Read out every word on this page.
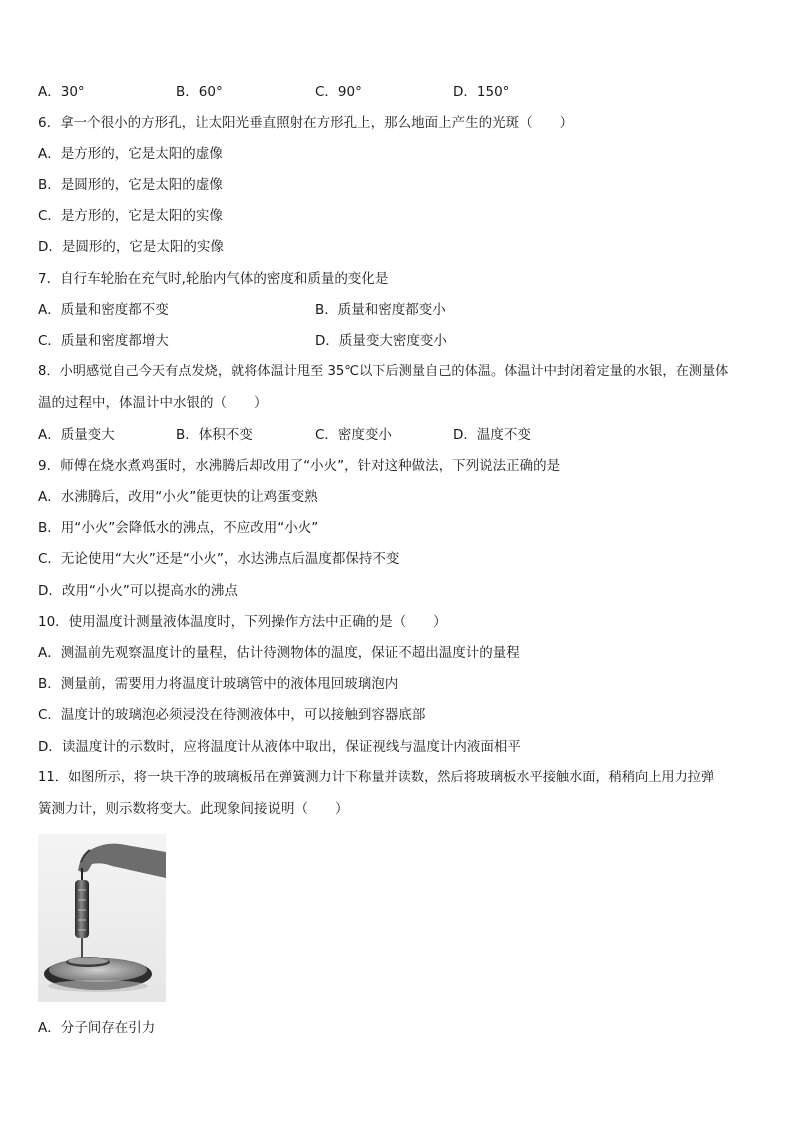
A．30°	B．60°	C．90°	D．150°
6．拿一个很小的方形孔，让太阳光垂直照射在方形孔上，那么地面上产生的光斑（　　）
A．是方形的，它是太阳的虚像
B．是圆形的，它是太阳的虚像
C．是方形的，它是太阳的实像
D．是圆形的，它是太阳的实像
7．自行车轮胎在充气时,轮胎内气体的密度和质量的变化是
A．质量和密度都不变	B．质量和密度都变小
C．质量和密度都增大	D．质量变大密度变小
8．小明感觉自己今天有点发烧，就将体温计甩至 35℃以下后测量自己的体温。体温计中封闭着定量的水银，在测量体
温的过程中，体温计中水银的（　　）
A．质量变大	B．体积不变	C．密度变小	D．温度不变
9．师傅在烧水煮鸡蛋时，水沸腾后却改用了“小火”，针对这种做法，下列说法正确的是
A．水沸腾后，改用“小火”能更快的让鸡蛋变熟
B．用“小火”会降低水的沸点，不应改用“小火”
C．无论使用“大火”还是“小火”，水达沸点后温度都保持不变
D．改用“小火”可以提高水的沸点
10．使用温度计测量液体温度时，下列操作方法中正确的是（　　）
A．测温前先观察温度计的量程，估计待测物体的温度，保证不超出温度计的量程
B．测量前，需要用力将温度计玻璃管中的液体甩回玻璃泡内
C．温度计的玻璃泡必须浸没在待测液体中，可以接触到容器底部
D．读温度计的示数时，应将温度计从液体中取出，保证视线与温度计内液面相平
11．如图所示，将一块干净的玻璃板吊在弹簧测力计下称量并读数，然后将玻璃板水平接触水面，稍稍向上用力拉弹
簧测力计，则示数将变大。此现象间接说明（　　）
A．分子间存在引力
